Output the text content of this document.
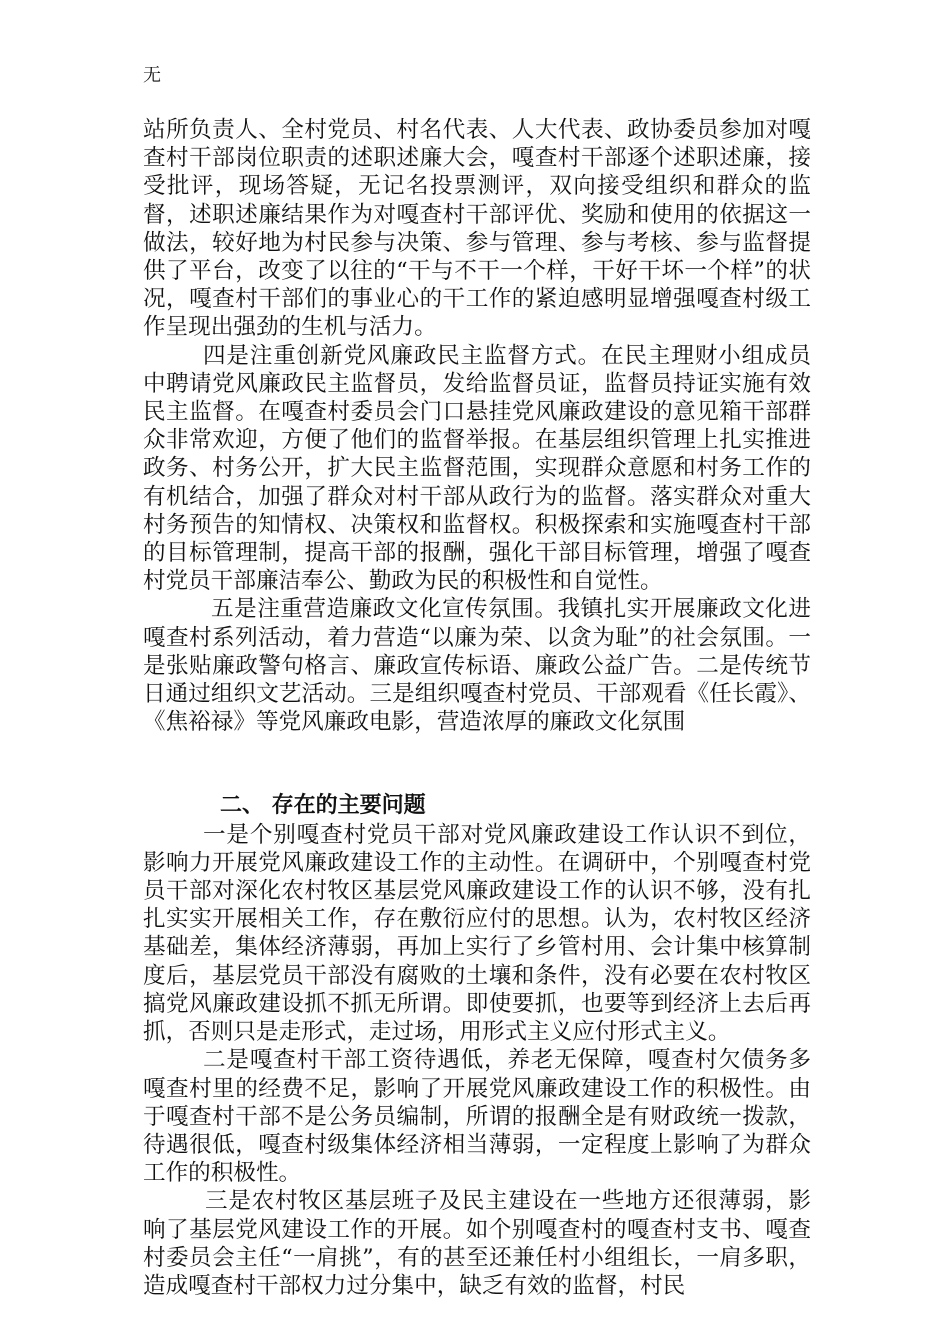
无

站所负责人、全村党员、村名代表、人大代表、政协委员参加对嘎查村干部岗位职责的述职述廉大会，嘎查村干部逐个述职述廉，接受批评，现场答疑，无记名投票测评，双向接受组织和群众的监督，述职述廉结果作为对嘎查村干部评优、奖励和使用的依据这一做法，较好地为村民参与决策、参与管理、参与考核、参与监督提供了平台，改变了以往的“干与不干一个样，干好干坏一个样”的状况，嘎查村干部们的事业心的干工作的紧迫感明显增强嘎查村级工作呈现出强劲的生机与活力。

四是注重创新党风廉政民主监督方式。在民主理财小组成员中聘请党风廉政民主监督员，发给监督员证，监督员持证实施有效民主监督。在嘎查村委员会门口悬挂党风廉政建设的意见箱干部群众非常欢迎，方便了他们的监督举报。在基层组织管理上扎实推进政务、村务公开，扩大民主监督范围，实现群众意愿和村务工作的有机结合，加强了群众对村干部从政行为的监督。落实群众对重大村务预告的知情权、决策权和监督权。积极探索和实施嘎查村干部的目标管理制，提高干部的报酬，强化干部目标管理，增强了嘎查村党员干部廉洁奉公、勤政为民的积极性和自觉性。

五是注重营造廉政文化宣传氛围。我镇扎实开展廉政文化进嘎查村系列活动，着力营造“以廉为荣、以贪为耻”的社会氛围。一是张贴廉政警句格言、廉政宣传标语、廉政公益广告。二是传统节日通过组织文艺活动。三是组织嘎查村党员、干部观看《任长霞》、《焦裕禄》等党风廉政电影，营造浓厚的廉政文化氛围

二、 存在的主要问题

一是个别嘎查村党员干部对党风廉政建设工作认识不到位，影响力开展党风廉政建设工作的主动性。在调研中，个别嘎查村党员干部对深化农村牧区基层党风廉政建设工作的认识不够，没有扎扎实实开展相关工作，存在敷衍应付的思想。认为，农村牧区经济基础差，集体经济薄弱，再加上实行了乡管村用、会计集中核算制度后，基层党员干部没有腐败的土壤和条件，没有必要在农村牧区搞党风廉政建设抓不抓无所谓。即使要抓，也要等到经济上去后再抓，否则只是走形式，走过场，用形式主义应付形式主义。

二是嘎查村干部工资待遇低，养老无保障，嘎查村欠债务多嘎查村里的经费不足，影响了开展党风廉政建设工作的积极性。由于嘎查村干部不是公务员编制，所谓的报酬全是有财政统一拨款，待遇很低，嘎查村级集体经济相当薄弱，一定程度上影响了为群众工作的积极性。

三是农村牧区基层班子及民主建设在一些地方还很薄弱，影响了基层党风建设工作的开展。如个别嘎查村的嘎查村支书、嘎查村委员会主任“一肩挑”，有的甚至还兼任村小组组长，一肩多职，造成嘎查村干部权力过分集中，缺乏有效的监督，村民
